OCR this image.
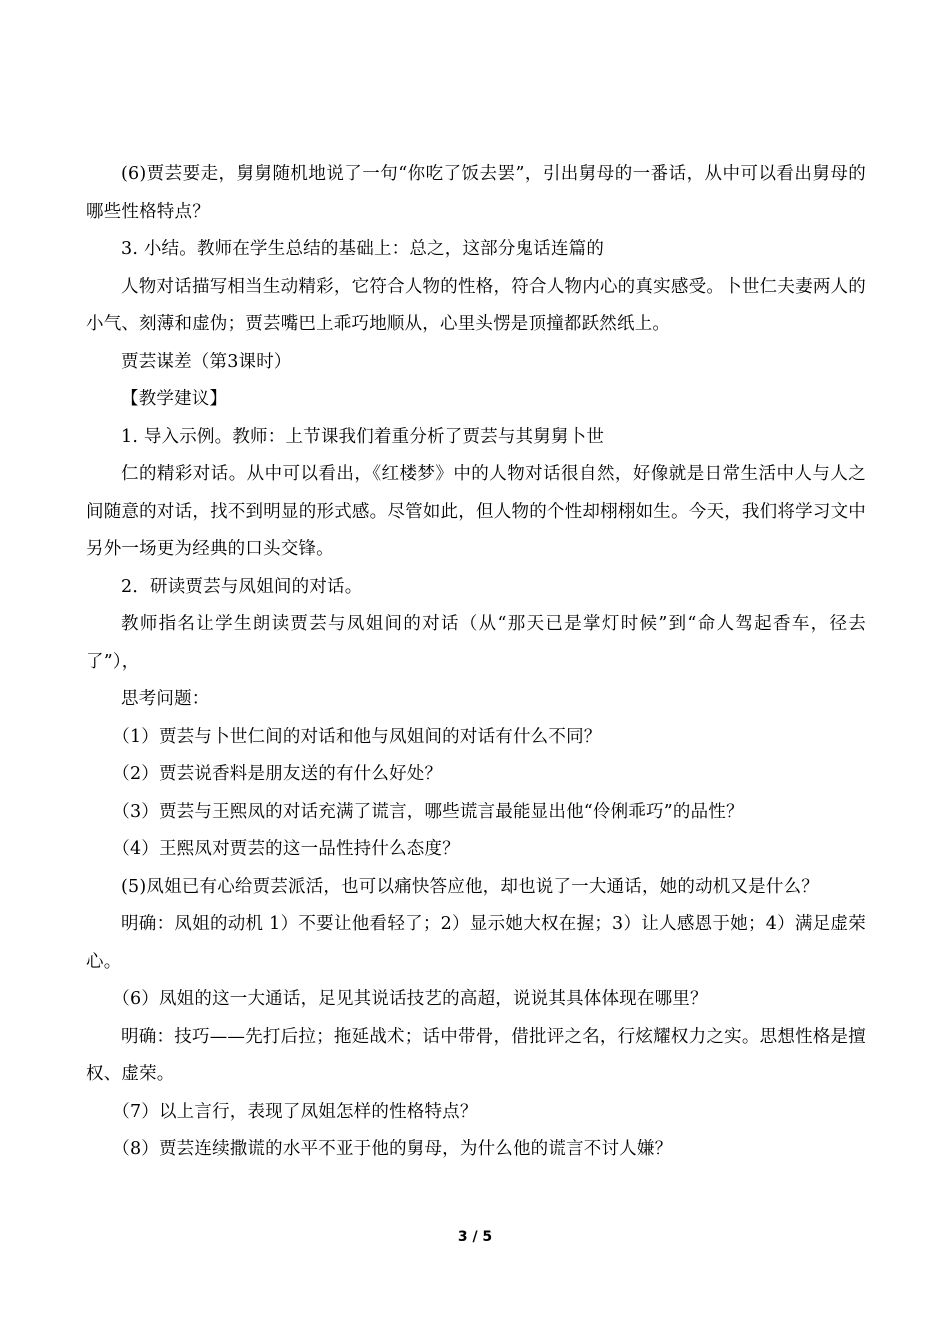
(6)贾芸要走，舅舅随机地说了一句“你吃了饭去罢”，引出舅母的一番话，从中可以看出舅母的哪些性格特点？

3. 小结。教师在学生总结的基础上：总之，这部分鬼话连篇的

人物对话描写相当生动精彩，它符合人物的性格，符合人物内心的真实感受。卜世仁夫妻两人的小气、刻薄和虚伪；贾芸嘴巴上乖巧地顺从，心里头愣是顶撞都跃然纸上。

贾芸谋差（第3课时）

【教学建议】

1. 导入示例。教师：上节课我们着重分析了贾芸与其舅舅卜世

仁的精彩对话。从中可以看出，《红楼梦》中的人物对话很自然，好像就是日常生活中人与人之间随意的对话，找不到明显的形式感。尽管如此，但人物的个性却栩栩如生。今天，我们将学习文中另外一场更为经典的口头交锋。

2．研读贾芸与凤姐间的对话。

教师指名让学生朗读贾芸与凤姐间的对话（从“那天已是掌灯时候”到“命人驾起香车，径去了”），

思考问题：

（1）贾芸与卜世仁间的对话和他与凤姐间的对话有什么不同？

（2）贾芸说香料是朋友送的有什么好处？

（3）贾芸与王熙凤的对话充满了谎言，哪些谎言最能显出他“伶俐乖巧”的品性？

（4）王熙凤对贾芸的这一品性持什么态度？

(5)凤姐已有心给贾芸派活，也可以痛快答应他，却也说了一大通话，她的动机又是什么？

明确：凤姐的动机 1）不要让他看轻了；2）显示她大权在握；3）让人感恩于她；4）满足虚荣心。

（6）凤姐的这一大通话，足见其说话技艺的高超，说说其具体体现在哪里？

明确：技巧——先打后拉；拖延战术；话中带骨，借批评之名，行炫耀权力之实。思想性格是擅权、虚荣。

（7）以上言行，表现了凤姐怎样的性格特点？

（8）贾芸连续撒谎的水平不亚于他的舅母，为什么他的谎言不讨人嫌？

3 / 5
